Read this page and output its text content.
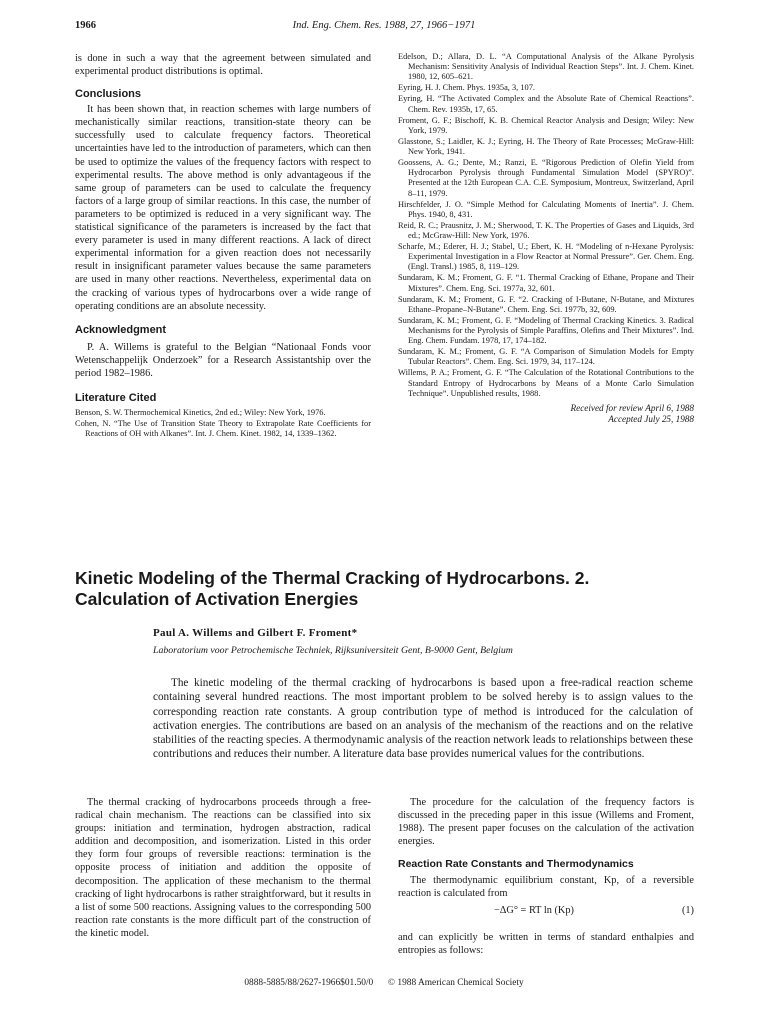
1966	Ind. Eng. Chem. Res. 1988, 27, 1966−1971

is done in such a way that the agreement between simulated and experimental product distributions is optimal.

Conclusions

It has been shown that, in reaction schemes with large numbers of mechanistically similar reactions, transition-state theory can be successfully used to calculate frequency factors. Theoretical uncertainties have led to the introduction of parameters, which can then be used to optimize the values of the frequency factors with respect to experimental results. The above method is only advantageous if the same group of parameters can be used to calculate the frequency factors of a large group of similar reactions. In this case, the number of parameters to be optimized is reduced in a very significant way. The statistical significance of the parameters is increased by the fact that every parameter is used in many different reactions. A lack of direct experimental information for a given reaction does not necessarily result in insignificant parameter values because the same parameters are used in many other reactions. Nevertheless, experimental data on the cracking of various types of hydrocarbons over a wide range of operating conditions are an absolute necessity.

Acknowledgment

P. A. Willems is grateful to the Belgian “Nationaal Fonds voor Wetenschappelijk Onderzoek” for a Research Assistantship over the period 1982–1986.

Literature Cited

Benson, S. W. Thermochemical Kinetics, 2nd ed.; Wiley: New York, 1976.

Cohen, N. “The Use of Transition State Theory to Extrapolate Rate Coefficients for Reactions of OH with Alkanes”. Int. J. Chem. Kinet. 1982, 14, 1339–1362.

Edelson, D.; Allara, D. L. “A Computational Analysis of the Alkane Pyrolysis Mechanism: Sensitivity Analysis of Individual Reaction Steps”. Int. J. Chem. Kinet. 1980, 12, 605–621.

Eyring, H. J. Chem. Phys. 1935a, 3, 107.

Eyring, H. “The Activated Complex and the Absolute Rate of Chemical Reactions”. Chem. Rev. 1935b, 17, 65.

Froment, G. F.; Bischoff, K. B. Chemical Reactor Analysis and Design; Wiley: New York, 1979.

Glasstone, S.; Laidler, K. J.; Eyring, H. The Theory of Rate Processes; McGraw-Hill: New York, 1941.

Goossens, A. G.; Dente, M.; Ranzi, E. “Rigorous Prediction of Olefin Yield from Hydrocarbon Pyrolysis through Fundamental Simulation Model (SPYRO)”. Presented at the 12th European C.A. C.E. Symposium, Montreux, Switzerland, April 8–11, 1979.

Hirschfelder, J. O. “Simple Method for Calculating Moments of Inertia”. J. Chem. Phys. 1940, 8, 431.

Reid, R. C.; Prausnitz, J. M.; Sherwood, T. K. The Properties of Gases and Liquids, 3rd ed.; McGraw-Hill: New York, 1976.

Scharfe, M.; Ederer, H. J.; Stabel, U.; Ebert, K. H. “Modeling of n-Hexane Pyrolysis: Experimental Investigation in a Flow Reactor at Normal Pressure”. Ger. Chem. Eng. (Engl. Transl.) 1985, 8, 119–129.

Sundaram, K. M.; Froment, G. F. “1. Thermal Cracking of Ethane, Propane and Their Mixtures”. Chem. Eng. Sci. 1977a, 32, 601.

Sundaram, K. M.; Froment, G. F. “2. Cracking of I-Butane, N-Butane, and Mixtures Ethane–Propane–N-Butane”. Chem. Eng. Sci. 1977b, 32, 609.

Sundaram, K. M.; Froment, G. F. “Modeling of Thermal Cracking Kinetics. 3. Radical Mechanisms for the Pyrolysis of Simple Paraffins, Olefins and Their Mixtures”. Ind. Eng. Chem. Fundam. 1978, 17, 174–182.

Sundaram, K. M.; Froment, G. F. “A Comparison of Simulation Models for Empty Tubular Reactors”. Chem. Eng. Sci. 1979, 34, 117–124.

Willems, P. A.; Froment, G. F. “The Calculation of the Rotational Contributions to the Standard Entropy of Hydrocarbons by Means of a Monte Carlo Simulation Technique”. Unpublished results, 1988.

Received for review April 6, 1988
Accepted July 25, 1988

Kinetic Modeling of the Thermal Cracking of Hydrocarbons. 2.

Calculation of Activation Energies

Paul A. Willems and Gilbert F. Froment*
Laboratorium voor Petrochemische Techniek, Rijksuniversiteit Gent, B-9000 Gent, Belgium

The kinetic modeling of the thermal cracking of hydrocarbons is based upon a free-radical reaction scheme containing several hundred reactions. The most important problem to be solved hereby is to assign values to the corresponding reaction rate constants. A group contribution type of method is introduced for the calculation of activation energies. The contributions are based on an analysis of the mechanism of the reactions and on the relative stabilities of the reacting species. A thermodynamic analysis of the reaction network leads to relationships between these contributions and reduces their number. A literature data base provides numerical values for the contributions.

The thermal cracking of hydrocarbons proceeds through a free-radical chain mechanism. The reactions can be classified into six groups: initiation and termination, hydrogen abstraction, radical addition and decomposition, and isomerization. Listed in this order they form four groups of reversible reactions: termination is the opposite process of initiation and addition the opposite of decomposition. The application of these mechanism to the thermal cracking of light hydrocarbons is rather straightforward, but it results in a list of some 500 reactions. Assigning values to the corresponding 500 reaction rate constants is the more difficult part of the construction of the kinetic model.

The procedure for the calculation of the frequency factors is discussed in the preceding paper in this issue (Willems and Froment, 1988). The present paper focuses on the calculation of the activation energies.

Reaction Rate Constants and Thermodynamics

The thermodynamic equilibrium constant, Kp, of a reversible reaction is calculated from

−ΔG° = RT ln (Kp)	(1)

and can explicitly be written in terms of standard enthalpies and entropies as follows:

0888-5885/88/2627-1966$01.50/0 © 1988 American Chemical Society
